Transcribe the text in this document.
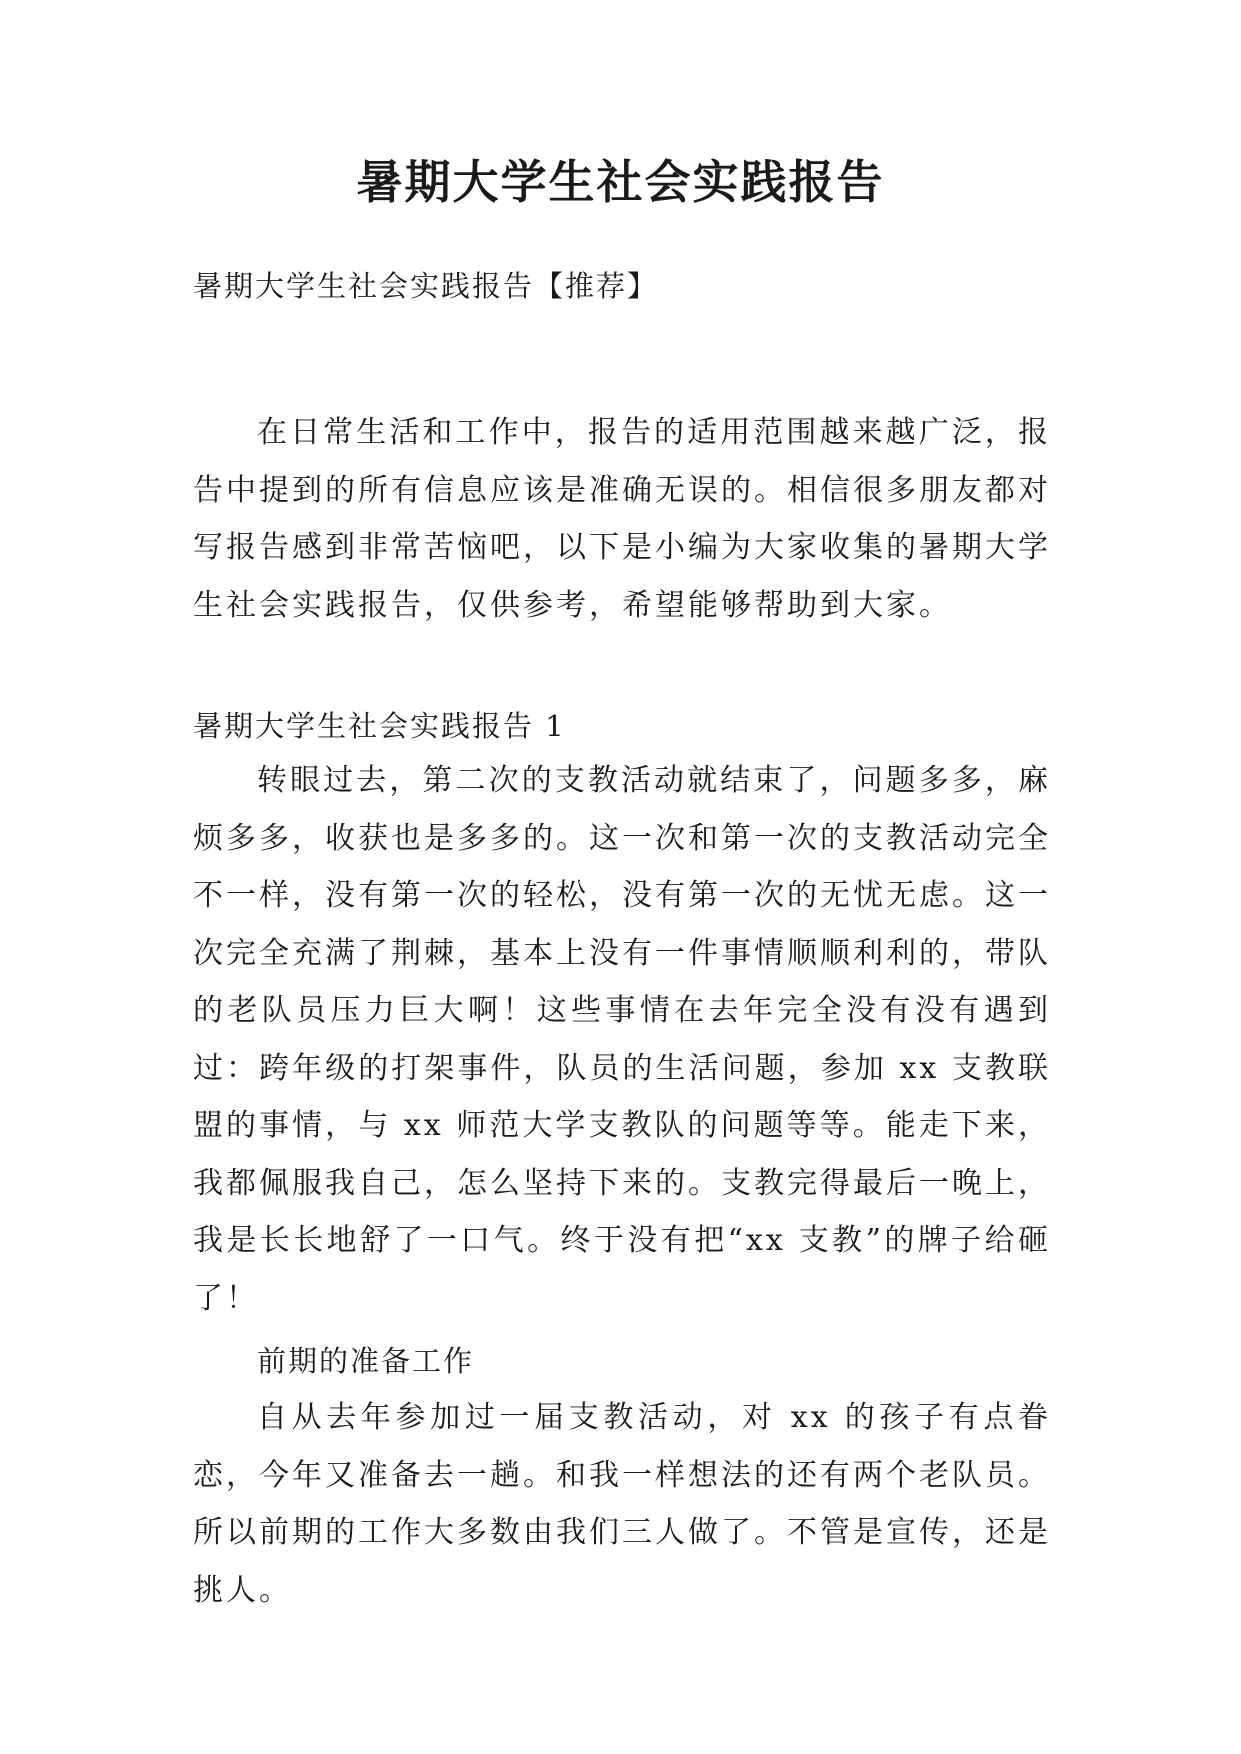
暑期大学生社会实践报告

暑期大学生社会实践报告【推荐】

在日常生活和工作中，报告的适用范围越来越广泛，报告中提到的所有信息应该是准确无误的。相信很多朋友都对写报告感到非常苦恼吧，以下是小编为大家收集的暑期大学生社会实践报告，仅供参考，希望能够帮助到大家。

暑期大学生社会实践报告 1

转眼过去，第二次的支教活动就结束了，问题多多，麻烦多多，收获也是多多的。这一次和第一次的支教活动完全不一样，没有第一次的轻松，没有第一次的无忧无虑。这一次完全充满了荆棘，基本上没有一件事情顺顺利利的，带队的老队员压力巨大啊！这些事情在去年完全没有没有遇到过：跨年级的打架事件，队员的生活问题，参加 xx 支教联盟的事情，与 xx 师范大学支教队的问题等等。能走下来，我都佩服我自己，怎么坚持下来的。支教完得最后一晚上，我是长长地舒了一口气。终于没有把“xx 支教”的牌子给砸了！

前期的准备工作

自从去年参加过一届支教活动，对 xx 的孩子有点眷恋，今年又准备去一趟。和我一样想法的还有两个老队员。所以前期的工作大多数由我们三人做了。不管是宣传，还是挑人。
